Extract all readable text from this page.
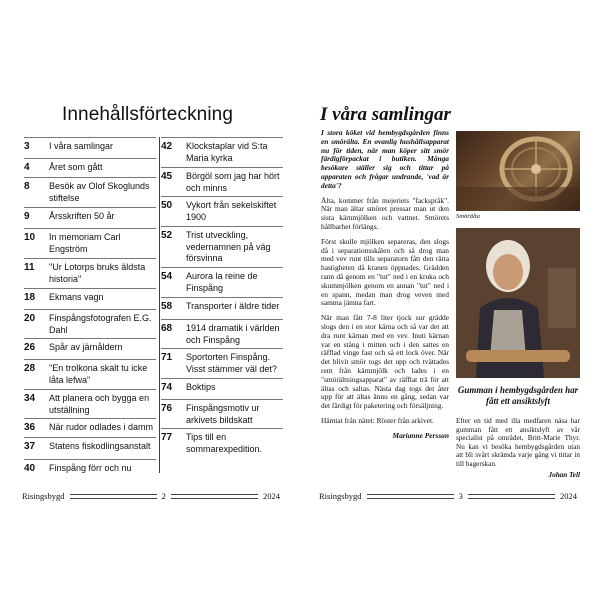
Innehållsförteckning
3	I våra samlingar
4	Året som gått
8	Besök av Olof Skoglunds stiftelse
9	Årsskriften 50 år
10	In memoriam Carl Engström
11	"Ur Lotorps bruks äldsta historia"
18	Ekmans vagn
20	Finspångsfotografen E.G. Dahl
26	Spår av järnåldern
28	"En trolkona skalt tu icke låta lefwa"
34	Att planera och bygga en utställning
36	När rudor odlades i damm
37	Statens fiskodlingsanstalt
40	Finspång förr och nu
42	Klockstaplar vid S:ta Maria kyrka
45	Börgöl som jag har hört och minns
50	Vykort från sekelskiftet 1900
52	Trist utveckling, vedernamnen på väg försvinna
54	Aurora la reine de Finspång
58	Transporter i äldre tider
68	1914 dramatik i världen och Finspång
71	Sportorten Finspång. Visst stämmer väl det?
74	Boktips
76	Finspångsmotiv ur arkivets bildskatt
77	Tips till en sommarexpedition.
Risingsbygd	2	2024
I våra samlingar

I stora köket vid hembygdsgården finns en smörälta. En ovanlig hushållsapparat nu för tiden, när man köper sitt smör färdigförpackat i butiken. Många besökare ställer sig och tittar på apparaten och frågar undrande, 'vad är detta'?

Älta, kommer från mejeriets "fackspråk". När man ältar smöret pressar man ut den sista kärnmjölken och vattnet. Smörets hållbarhet förlängs.

Först skulle mjölken separeras, den slogs då i separationsskålen och så drog man med vev runt tills separatorn fått den rätta hastigheten då kranen öppnades. Grädden rann då genom en "tut" ned i en kruka och skummjölken genom en annan "tut" ned i en spann, medan man drog veven med samma jämna fart.

När man fått 7-8 liter tjock sur grädde slogs den i en stor kärna och så var det att dra runt kärnan med en vev. Inuti kärnan var en stång i mitten och i den sattes en räfflad vinge fast och så ett lock över. När det blivit smör togs det upp och tvättades rent från kärnmjölk och lades i en "smörältningsapparat" av räfflat trä för att ältas och saltas. Nästa dag togs det åter upp för att ältas ännu en gång, sedan var det färdigt för paketering och försäljning.

Hämtat från nätet: Röster från arkivet.

Marianne Persson

Smörälta
Gumman i hembygdsgården har fått ett ansiktslyft

Efter en tid med illa medfaren näsa har gumman fått ett ansiktslyft av vår specialist på området, Britt-Marie Thyr. Nu kan vi besöka hembygdsgården utan att bli svårt skrämda varje gång vi tittar in till bagerskan.

Johan Tell

Risingsbygd	3	2024
